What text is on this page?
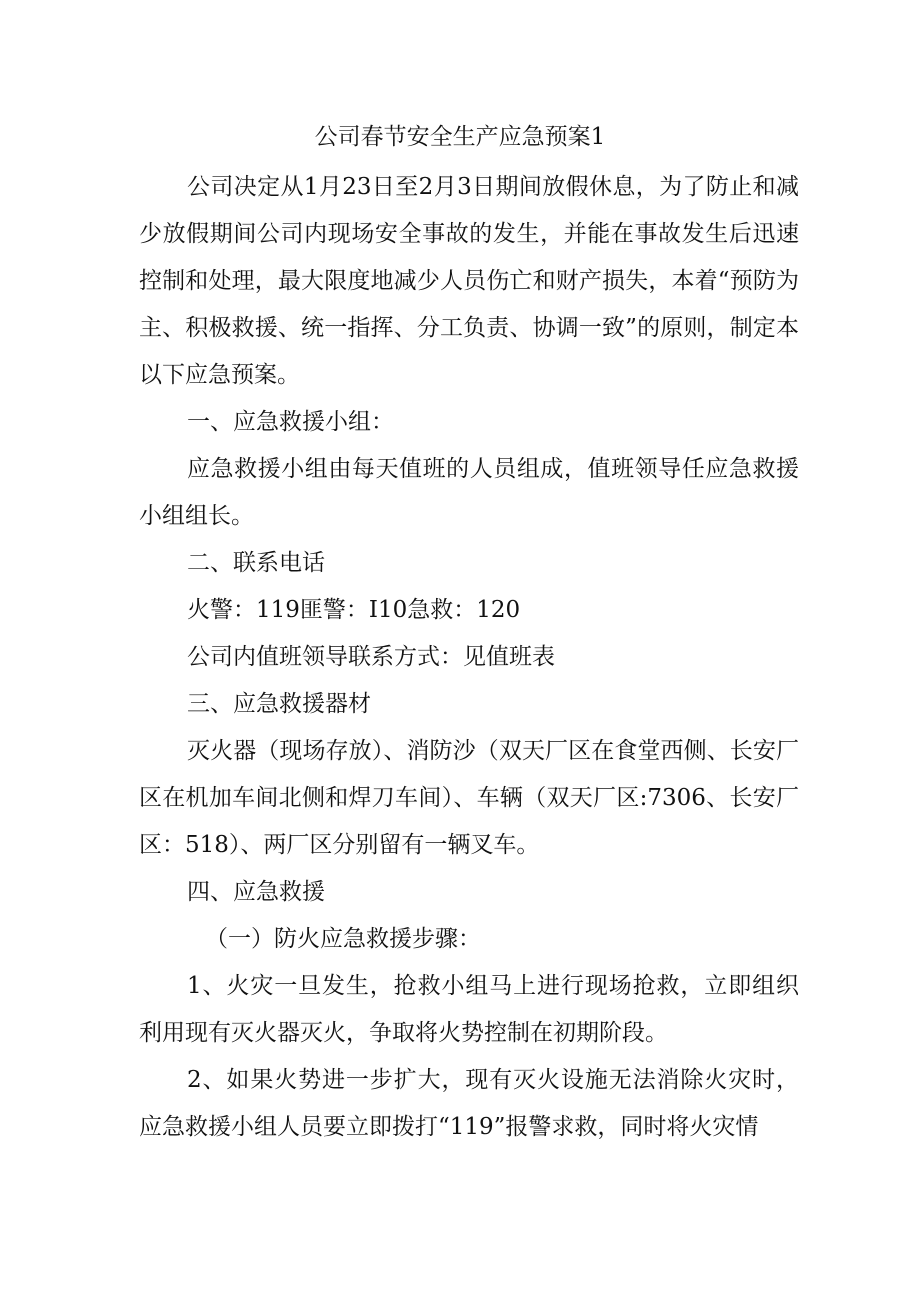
公司春节安全生产应急预案1

公司决定从1月23日至2月3日期间放假休息，为了防止和减少放假期间公司内现场安全事故的发生，并能在事故发生后迅速控制和处理，最大限度地减少人员伤亡和财产损失，本着“预防为主、积极救援、统一指挥、分工负责、协调一致”的原则，制定本以下应急预案。

一、应急救援小组：

应急救援小组由每天值班的人员组成，值班领导任应急救援小组组长。

二、联系电话

火警：119匪警：I10急救：120

公司内值班领导联系方式：见值班表

三、应急救援器材

灭火器（现场存放）、消防沙（双天厂区在食堂西侧、长安厂区在机加车间北侧和焊刀车间）、车辆（双天厂区:7306、长安厂区：518）、两厂区分别留有一辆叉车。

四、应急救援

（一）防火应急救援步骤：

1、火灾一旦发生，抢救小组马上进行现场抢救，立即组织利用现有灭火器灭火，争取将火势控制在初期阶段。

2、如果火势进一步扩大，现有灭火设施无法消除火灾时，应急救援小组人员要立即拨打“119”报警求救，同时将火灾情
